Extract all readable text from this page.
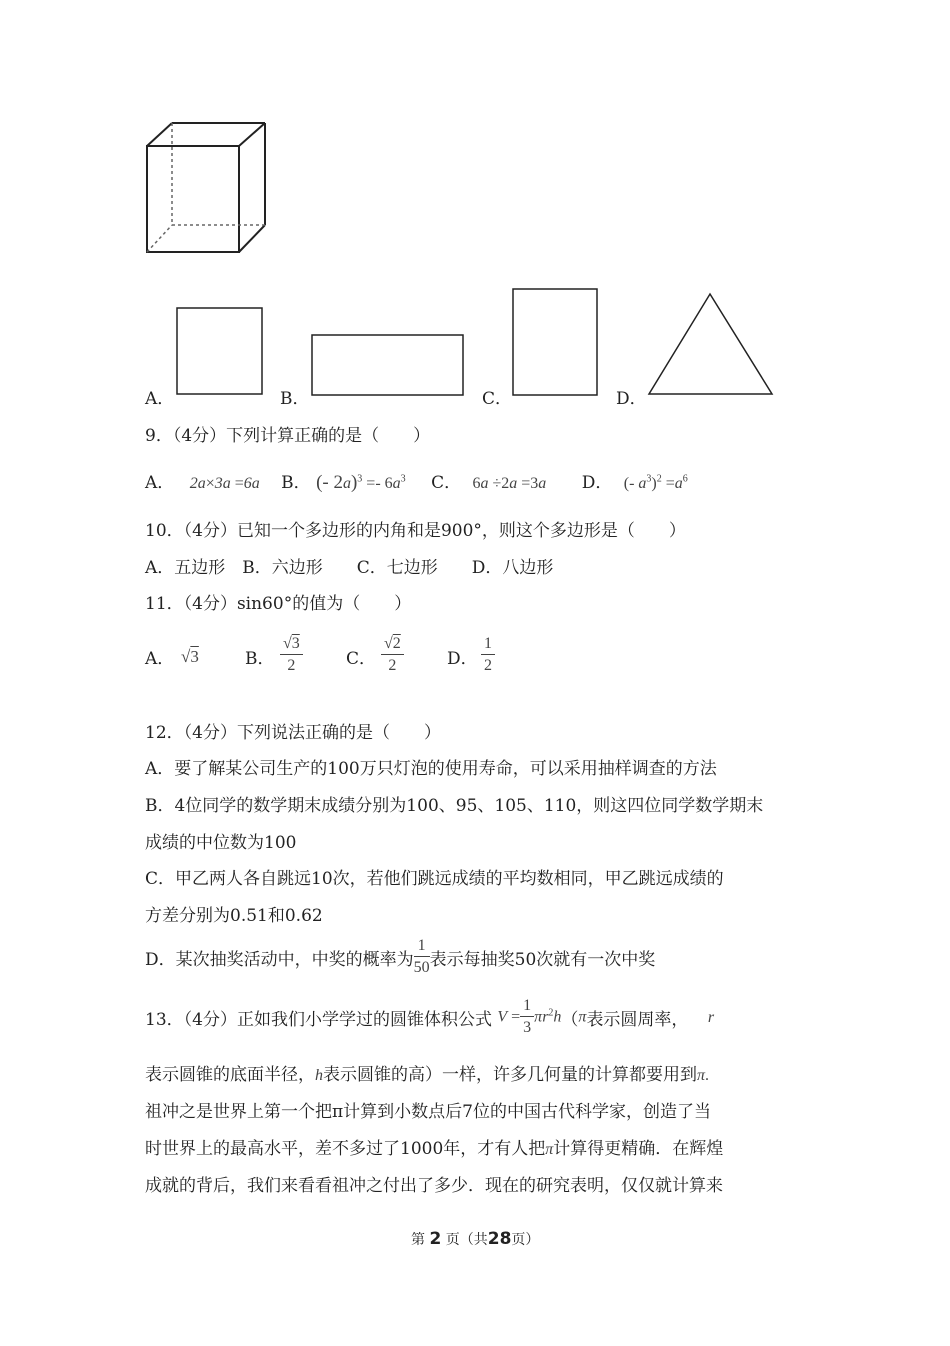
A．	B．	C．	D．
9．（4分）下列计算正确的是（　　）
A． 2a×3a =6a B． (- $2a)^3 =- 6a^3$ C． 6a ÷2a =3a D． (- $a^3)^2 =a^6$
10．（4分）已知一个多边形的内角和是900°，则这个多边形是（　　）
A．五边形　B．六边形　　C．七边形　　D．八边形
11．（4分）sin60°的值为（　　）
A． √3	B． $\frac{√3}{2}$	C． $\frac{√2}{2}$	D． $\frac{1}{2}$
12．（4分）下列说法正确的是（　　）
A．要了解某公司生产的100万只灯泡的使用寿命，可以采用抽样调查的方法
B．4位同学的数学期末成绩分别为100、95、105、110，则这四位同学数学期末
成绩的中位数为100
C．甲乙两人各自跳远10次，若他们跳远成绩的平均数相同，甲乙跳远成绩的
方差分别为0.51和0.62
D．某次抽奖活动中，中奖的概率为 $\frac{1}{50}$ 表示每抽奖50次就有一次中奖
13．（4分）正如我们小学学过的圆锥体积公式 $V = \frac{1}{3} \pi r^2h(\pi$表示圆周率， r
表示圆锥的底面半径，h表示圆锥的高）一样，许多几何量的计算都要用到π.
祖冲之是世界上第一个把π计算到小数点后7位的中国古代科学家，创造了当
时世界上的最高水平，差不多过了1000年，才有人把π计算得更精确．在辉煌
成就的背后，我们来看看祖冲之付出了多少．现在的研究表明，仅仅就计算来
第 2 页（共28页）
